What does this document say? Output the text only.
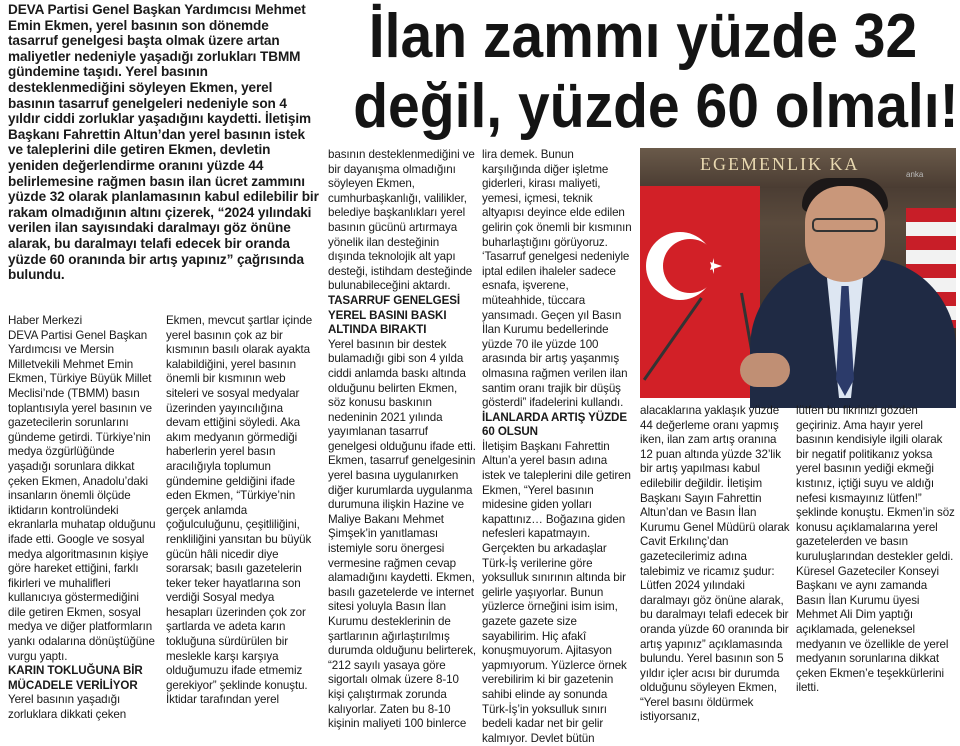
İlan zammı yüzde 32
değil, yüzde 60 olmalı!

DEVA Partisi Genel Başkan Yardımcısı Mehmet Emin Ekmen, yerel basının son dönemde tasarruf genelgesi başta olmak üzere artan maliyetler nedeniyle yaşadığı zorlukları TBMM gündemine taşıdı. Yerel basının desteklenmediğini söyleyen Ekmen, yerel basının tasarruf genelgeleri nedeniyle son 4 yıldır ciddi zorluklar yaşadığını kaydetti. İletişim Başkanı Fahrettin Altun’dan yerel basının istek ve taleplerini dile getiren Ekmen, devletin yeniden değerlendirme oranını yüzde 44 belirlemesine rağmen basın ilan ücret zammını yüzde 32 olarak planlamasının kabul edilebilir bir rakam olmadığının altını çizerek, “2024 yılındaki verilen ilan sayısındaki daralmayı göz önüne alarak, bu daralmayı telafi edecek bir oranda yüzde 60 oranında bir artış yapınız” çağrısında bulundu.

EGEMENLIK KA
anka

Haber Merkezi

DEVA Partisi Genel Başkan Yardımcısı ve Mersin Milletvekili Mehmet Emin Ekmen, Türkiye Büyük Millet Meclisi’nde (TBMM) basın toplantısıyla yerel basının ve gazetecilerin sorunlarını gündeme getirdi. Türkiye’nin medya özgürlüğünde yaşadığı sorunlara dikkat çeken Ekmen, Anadolu’daki insanların önemli ölçüde iktidarın kontrolündeki ekranlarla muhatap olduğunu ifade etti. Google ve sosyal medya algoritmasının kişiye göre hareket ettiğini, farklı fikirleri ve muhalifleri kullanıcıya göstermediğini dile getiren Ekmen, sosyal medya ve diğer platformların yankı odalarına dönüştüğüne vurgu yaptı.

KARIN TOKLUĞUNA BİR MÜCADELE VERİLİYOR

Yerel basının yaşadığı zorluklara dikkati çeken

Ekmen, mevcut şartlar içinde yerel basının çok az bir kısmının basılı olarak ayakta kalabildiğini, yerel basının önemli bir kısmının web siteleri ve sosyal medyalar üzerinden yayıncılığına devam ettiğini söyledi. Aka akım medyanın görmediği haberlerin yerel basın aracılığıyla toplumun gündemine geldiğini ifade eden Ekmen, “Türkiye’nin gerçek anlamda çoğulculuğunu, çeşitliliğini, renkliliğini yansıtan bu büyük gücün hâli nicedir diye sorarsak; basılı gazetelerin teker teker hayatlarına son verdiği Sosyal medya hesapları üzerinden çok zor şartlarda ve adeta karın tokluğuna sürdürülen bir meslekle karşı karşıya olduğumuzu ifade etmemiz gerekiyor” şeklinde konuştu. İktidar tarafından yerel

basının desteklenmediğini ve bir dayanışma olmadığını söyleyen Ekmen, cumhurbaşkanlığı, valilikler, belediye başkanlıkları yerel basının gücünü artırmaya yönelik ilan desteğinin dışında teknolojik alt yapı desteği, istihdam desteğinde bulunabileceğini aktardı.

TASARRUF GENELGESİ YEREL BASINI BASKI ALTINDA BIRAKTI

Yerel basının bir destek bulamadığı gibi son 4 yılda ciddi anlamda baskı altında olduğunu belirten Ekmen, söz konusu baskının nedeninin 2021 yılında yayımlanan tasarruf genelgesi olduğunu ifade etti. Ekmen, tasarruf genelgesinin yerel basına uygulanırken diğer kurumlarda uygulanma durumuna ilişkin Hazine ve Maliye Bakanı Mehmet Şimşek’in yanıtlaması istemiyle soru önergesi vermesine rağmen cevap alamadığını kaydetti. Ekmen, basılı gazetelerde ve internet sitesi yoluyla Basın İlan Kurumu desteklerinin de şartlarının ağırlaştırılmış durumda olduğunu belirterek, “212 sayılı yasaya göre sigortalı olmak üzere 8-10 kişi çalıştırmak zorunda kalıyorlar. Zaten bu 8-10 kişinin maliyeti 100 binlerce

lira demek. Bunun karşılığında diğer işletme giderleri, kirası maliyeti, yemesi, içmesi, teknik altyapısı deyince elde edilen gelirin çok önemli bir kısmının buharlaştığını görüyoruz. ‘Tasarruf genelgesi nedeniyle iptal edilen ihaleler sadece esnafa, işverene, müteahhide, tüccara yansımadı. Geçen yıl Basın İlan Kurumu bedellerinde yüzde 70 ile yüzde 100 arasında bir artış yaşanmış olmasına rağmen verilen ilan santim oranı trajik bir düşüş gösterdi” ifadelerini kullandı.

İLANLARDA ARTIŞ YÜZDE 60 OLSUN

İletişim Başkanı Fahrettin Altun’a yerel basın adına istek ve taleplerini dile getiren Ekmen, “Yerel basının midesine giden yolları kapattınız… Boğazına giden nefesleri kapatmayın. Gerçekten bu arkadaşlar Türk-İş verilerine göre yoksulluk sınırının altında bir gelirle yaşıyorlar. Bunun yüzlerce örneğini isim isim, gazete gazete size sayabilirim. Hiç afakî konuşmuyorum. Ajitasyon yapmıyorum. Yüzlerce örnek verebilirim ki bir gazetenin sahibi elinde ay sonunda Türk-İş’in yoksulluk sınırı bedeli kadar net bir gelir kalmıyor. Devlet bütün

alacaklarına yaklaşık yüzde 44 değerleme oranı yapmış iken, ilan zam artış oranına 12 puan altında yüzde 32’lik bir artış yapılması kabul edilebilir değildir. İletişim Başkanı Sayın Fahrettin Altun’dan ve Basın İlan Kurumu Genel Müdürü olarak Cavit Erkılınç’dan gazetecilerimiz adına talebimiz ve ricamız şudur: Lütfen 2024 yılındaki daralmayı göz önüne alarak, bu daralmayı telafi edecek bir oranda yüzde 60 oranında bir artış yapınız” açıklamasında bulundu. Yerel basının son 5 yıldır içler acısı bir durumda olduğunu söyleyen Ekmen, “Yerel basını öldürmek istiyorsanız,

lütfen bu fikrinizi gözden geçiriniz. Ama hayır yerel basının kendisiyle ilgili olarak bir negatif politikanız yoksa yerel basının yediği ekmeği kıstınız, içtiği suyu ve aldığı nefesi kısmayınız lütfen!” şeklinde konuştu. Ekmen’in söz konusu açıklamalarına yerel gazetelerden ve basın kuruluşlarından destekler geldi. Küresel Gazeteciler Konseyi Başkanı ve aynı zamanda Basın İlan Kurumu üyesi Mehmet Ali Dim yaptığı açıklamada, geleneksel medyanın ve özellikle de yerel medyanın sorunlarına dikkat çeken Ekmen’e teşekkürlerini iletti.
